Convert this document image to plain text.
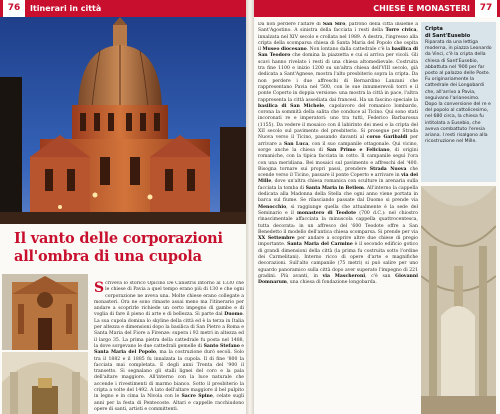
76	Itinerari in città	CHIESE E MONASTERI	77
Il vanto delle corporazioni
all'ombra di una cupola
Scriveva lo storico Opicino De Canistris intorno al 1330 che le chiese di Pavia a quel tempo erano più di 130 e che ogni corporazione ne aveva una. Molte chiese erano collegate a monasteri. Ora ne sono rimaste assai meno ma l'itinerario per andare a scoprirle richiede un certo impegno di gambe e di voglia di fare il pieno di arte e di bellezza. Si parte dal Duomo. La sua cupola domina lo skyline della città ed è la terza in Italia per altezza e dimensioni dopo la basilica di San Pietro a Roma e Santa Maria del Fiore a Firenze: supera i 92 metri in altezza ed il largo 35. La prima pietra della cattedrale fu posta nel 1488, la dove sorgevano le due cattedrali gemelle di Santo Stefano e Santa Maria del Popolo, ma la costruzione durò secoli. Solo tra il 1882 e il 1885 fu innalzata la cupola. Il di fine '800 la facciata mai completata. E degli anni Trenta del '900 il transetto. Si segnalano gli stalli lignei del coro e la pala dell'altare maggiore. All'interno con la luce naturale che accende i rivestimenti di marmo bianco. Sotto il presbiterio la cripta a volte del 1492. A lato dell'altare maggiore il bel pulpito in legno e in cima la Nivola con le Sacre Spine, celate sugli anni per la festa di Pentecoste. Altari e cappelle racchiudono opere di santi, artisti e committenti.
Da non perdere l'altare di San Siro, patrono della città insieme a Sant'Agostino. A sinistra della facciata i resti della Torre civica, innalzata nel XIV secolo e crollata nel 1989. A destra, l'ingresso alla cripta della scomparsa chiesa di Santa Maria del Popolo che ospita il Museo diocesano. Non lontano dalla cattedrale c'è la basilica di San Teodoro che domina la piazzetta e cui si arriva per vicoli. Gli scavi hanno rivelato i resti di una chiesa altomedievale. Costruita tra fine 1100 e inizio 1200 su un'altra chiesa dell'VIII secolo, già dedicata a Sant'Agnese, mostra l'alto presbiterio sopra la cripta. Da non perdere i due affreschi di Bernardino Lanzani che rappresentano Pavia nel '500, con le sue innumerevoli torri e il ponte Coperto in doppia versione: una mostra la città in pace, l'altra rappresenta la città assediata dai francesi. Ha un fascino speciale la basilica di San Michele, capolavoro del romanico lombardo, corona la sommità della salita che conduce al Ticino. Qui sono stati incoronati re e imperatori: uno tra tutti, Federico Barbarossa (1155). Da vedere il mosaico con il labirinto dei mesi e la cripta del XII secolo sul pavimento del presbiterio. Si prosegue per Strada Nuova verso il Ticino, passando davanti al corso Garibaldi per arrivare a San Luca, con il suo campanile ottagonale. Qui vicino, sorge anche la chiesa di San Primo e Feliciano, di origini romaniche, con la tipica facciata in cotto. Il campanile seguì l'ora con una meridiana. Bei mosaici sul pavimento e affreschi del '400. Bisogna tornare sui propri passi, prendere Strada Nuova che scende verso il Ticino, passare il ponte Coperto e arrivare in via dei Mille, dove un'altra chiesa romanica con sculture in arenaria sulla facciata la tomba di Santa Maria in Betlem. All'interno la cappella dedicata alla Madonna della Stella che ogni anno viene portata in barca sul fiume. Se rilasciando passate dal Duomo si prende via Menocchio, si raggiunge quella che attualmente è la sede del Seminario e il monastero di Teodote (700 d.C.): nel chiostro rinascimentale affacciata la minuscola cappella quattrocentesca, tutta decorata: in un affresco del '600 Teodote offre a San Benedetto il modello dell'antica chiesa scomparsa. Si prende per via XX Settembre per andare a scoprire altre due chiese di pregio importante. Santa Maria del Carmine è il secondo edificio gotico di grandi dimensioni della città (la prima fu costruita sotto l'ordine dei Carmelitani). Interno ricco di opere d'arte e magnifiche decorazioni. Sull'alto campanile (75 metri) si può salire per uno sguardo panoramico sulla città dopo aver superato l'impegno di 221 gradini. Più avanti, in via Mascheroni, c'è san Giovanni Domnarum, una chiesa di fondazione longobarda.
Cripta
di Sant'Eusebio
Riparata da una lettiga moderna, in piazza Leonardo da Vinci, c'è la cripta della chiesa di Sant'Eusebio, abbattuta nel '900 per far posto al palazzo delle Poste. Fu originariamente la cattedrale dei Longobardi che, all'arrivo a Pavia, seguivano l'arianesimo. Dopo la conversione del re e del popolo al cattolicesimo, nel 680 circa, la chiesa fu intitolata a Eusebio, che aveva combattuto l'eresia ariana. I resti risalgono alla ricostruzione nel Mille.
